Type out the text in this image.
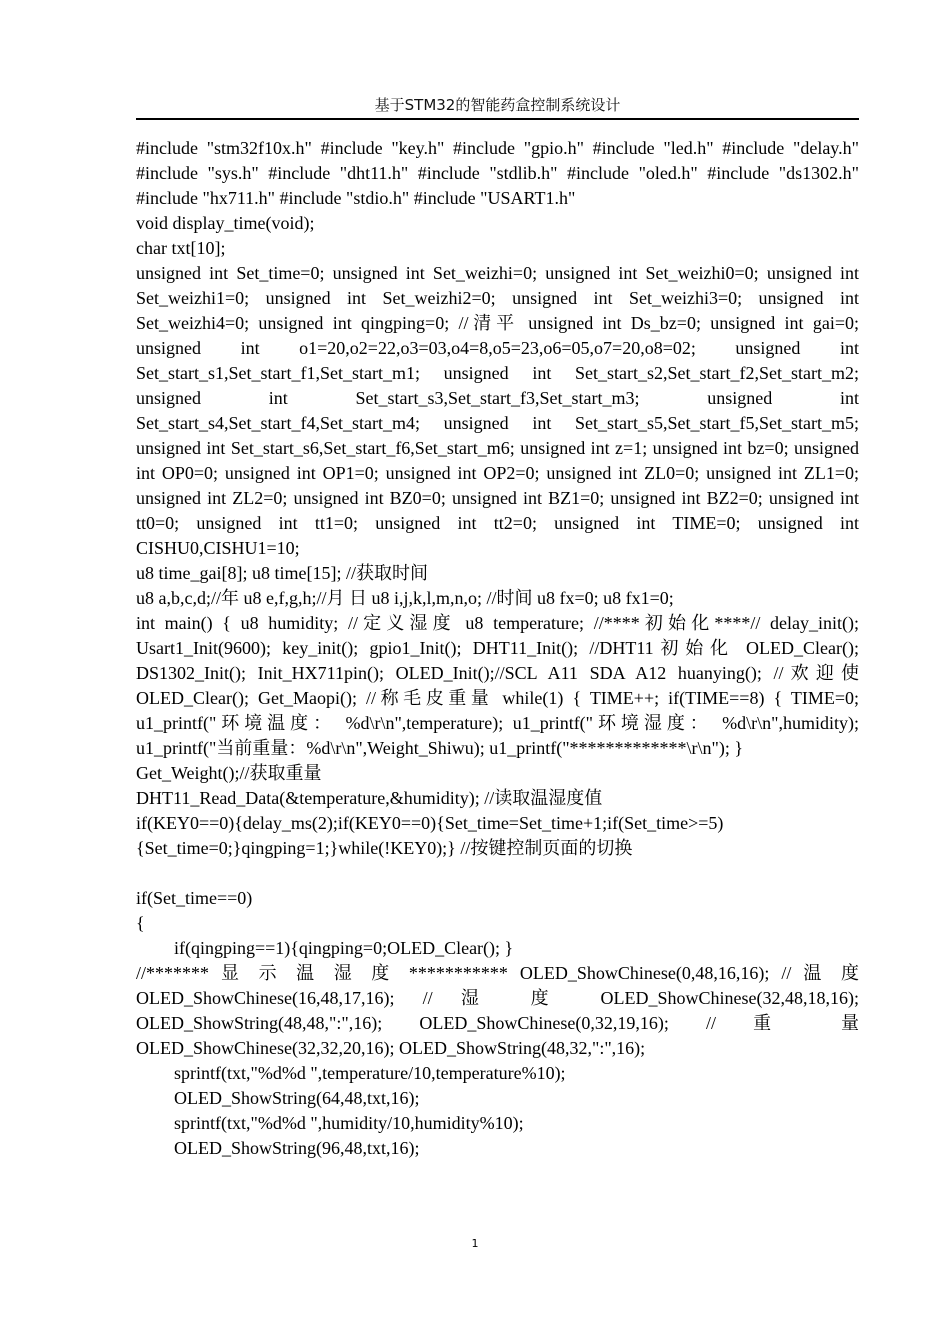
基于STM32的智能药盒控制系统设计

#include "stm32f10x.h" #include "key.h" #include "gpio.h" #include "led.h" #include "delay.h" #include "sys.h" #include "dht11.h" #include "stdlib.h" #include "oled.h" #include "ds1302.h" #include "hx711.h" #include "stdio.h" #include "USART1.h"

void display_time(void);

char txt[10];

unsigned int Set_time=0; unsigned int Set_weizhi=0; unsigned int Set_weizhi0=0; unsigned int Set_weizhi1=0; unsigned int Set_weizhi2=0; unsigned int Set_weizhi3=0; unsigned int Set_weizhi4=0; unsigned int qingping=0; //清平 unsigned int Ds_bz=0; unsigned int gai=0; unsigned int o1=20,o2=22,o3=03,o4=8,o5=23,o6=05,o7=20,o8=02; unsigned int Set_start_s1,Set_start_f1,Set_start_m1; unsigned int Set_start_s2,Set_start_f2,Set_start_m2; unsigned int Set_start_s3,Set_start_f3,Set_start_m3; unsigned int Set_start_s4,Set_start_f4,Set_start_m4; unsigned int Set_start_s5,Set_start_f5,Set_start_m5; unsigned int Set_start_s6,Set_start_f6,Set_start_m6; unsigned int z=1; unsigned int bz=0; unsigned int OP0=0; unsigned int OP1=0; unsigned int OP2=0; unsigned int ZL0=0; unsigned int ZL1=0; unsigned int ZL2=0; unsigned int BZ0=0; unsigned int BZ1=0; unsigned int BZ2=0; unsigned int tt0=0; unsigned int tt1=0; unsigned int tt2=0; unsigned int TIME=0; unsigned int CISHU0,CISHU1=10;

u8 time_gai[8]; u8 time[15]; //获取时间

u8 a,b,c,d;//年 u8 e,f,g,h;//月 日 u8 i,j,k,l,m,n,o; //时间 u8 fx=0; u8 fx1=0;

int main() { u8 humidity; //定义湿度 u8 temperature; //****初始化****// delay_init(); Usart1_Init(9600); key_init(); gpio1_Init(); DHT11_Init(); //DHT11初始化 OLED_Clear(); DS1302_Init(); Init_HX711pin(); OLED_Init();//SCL A11 SDA A12 huanying(); //欢迎使 OLED_Clear(); Get_Maopi(); //称毛皮重量 while(1) { TIME++; if(TIME==8) { TIME=0; u1_printf("环境温度： %d\r\n",temperature); u1_printf("环境湿度： %d\r\n",humidity); u1_printf("当前重量：%d\r\n",Weight_Shiwu); u1_printf("*************\r\n"); }

Get_Weight();//获取重量

DHT11_Read_Data(&temperature,&humidity); //读取温湿度值

if(KEY0==0){delay_ms(2);if(KEY0==0){Set_time=Set_time+1;if(Set_time>=5) {Set_time=0;}qingping=1;}while(!KEY0);} //按键控制页面的切换

if(Set_time==0)

{

if(qingping==1){qingping=0;OLED_Clear(); }

//******* 显 示 温 湿 度 *********** OLED_ShowChinese(0,48,16,16); // 温 度 OLED_ShowChinese(16,48,17,16); // 湿 度 OLED_ShowChinese(32,48,18,16); OLED_ShowString(48,48,":",16); OLED_ShowChinese(0,32,19,16); // 重 量 OLED_ShowChinese(32,32,20,16); OLED_ShowString(48,32,":",16);

sprintf(txt,"%d%d ",temperature/10,temperature%10);

OLED_ShowString(64,48,txt,16);

sprintf(txt,"%d%d ",humidity/10,humidity%10);

OLED_ShowString(96,48,txt,16);

1
